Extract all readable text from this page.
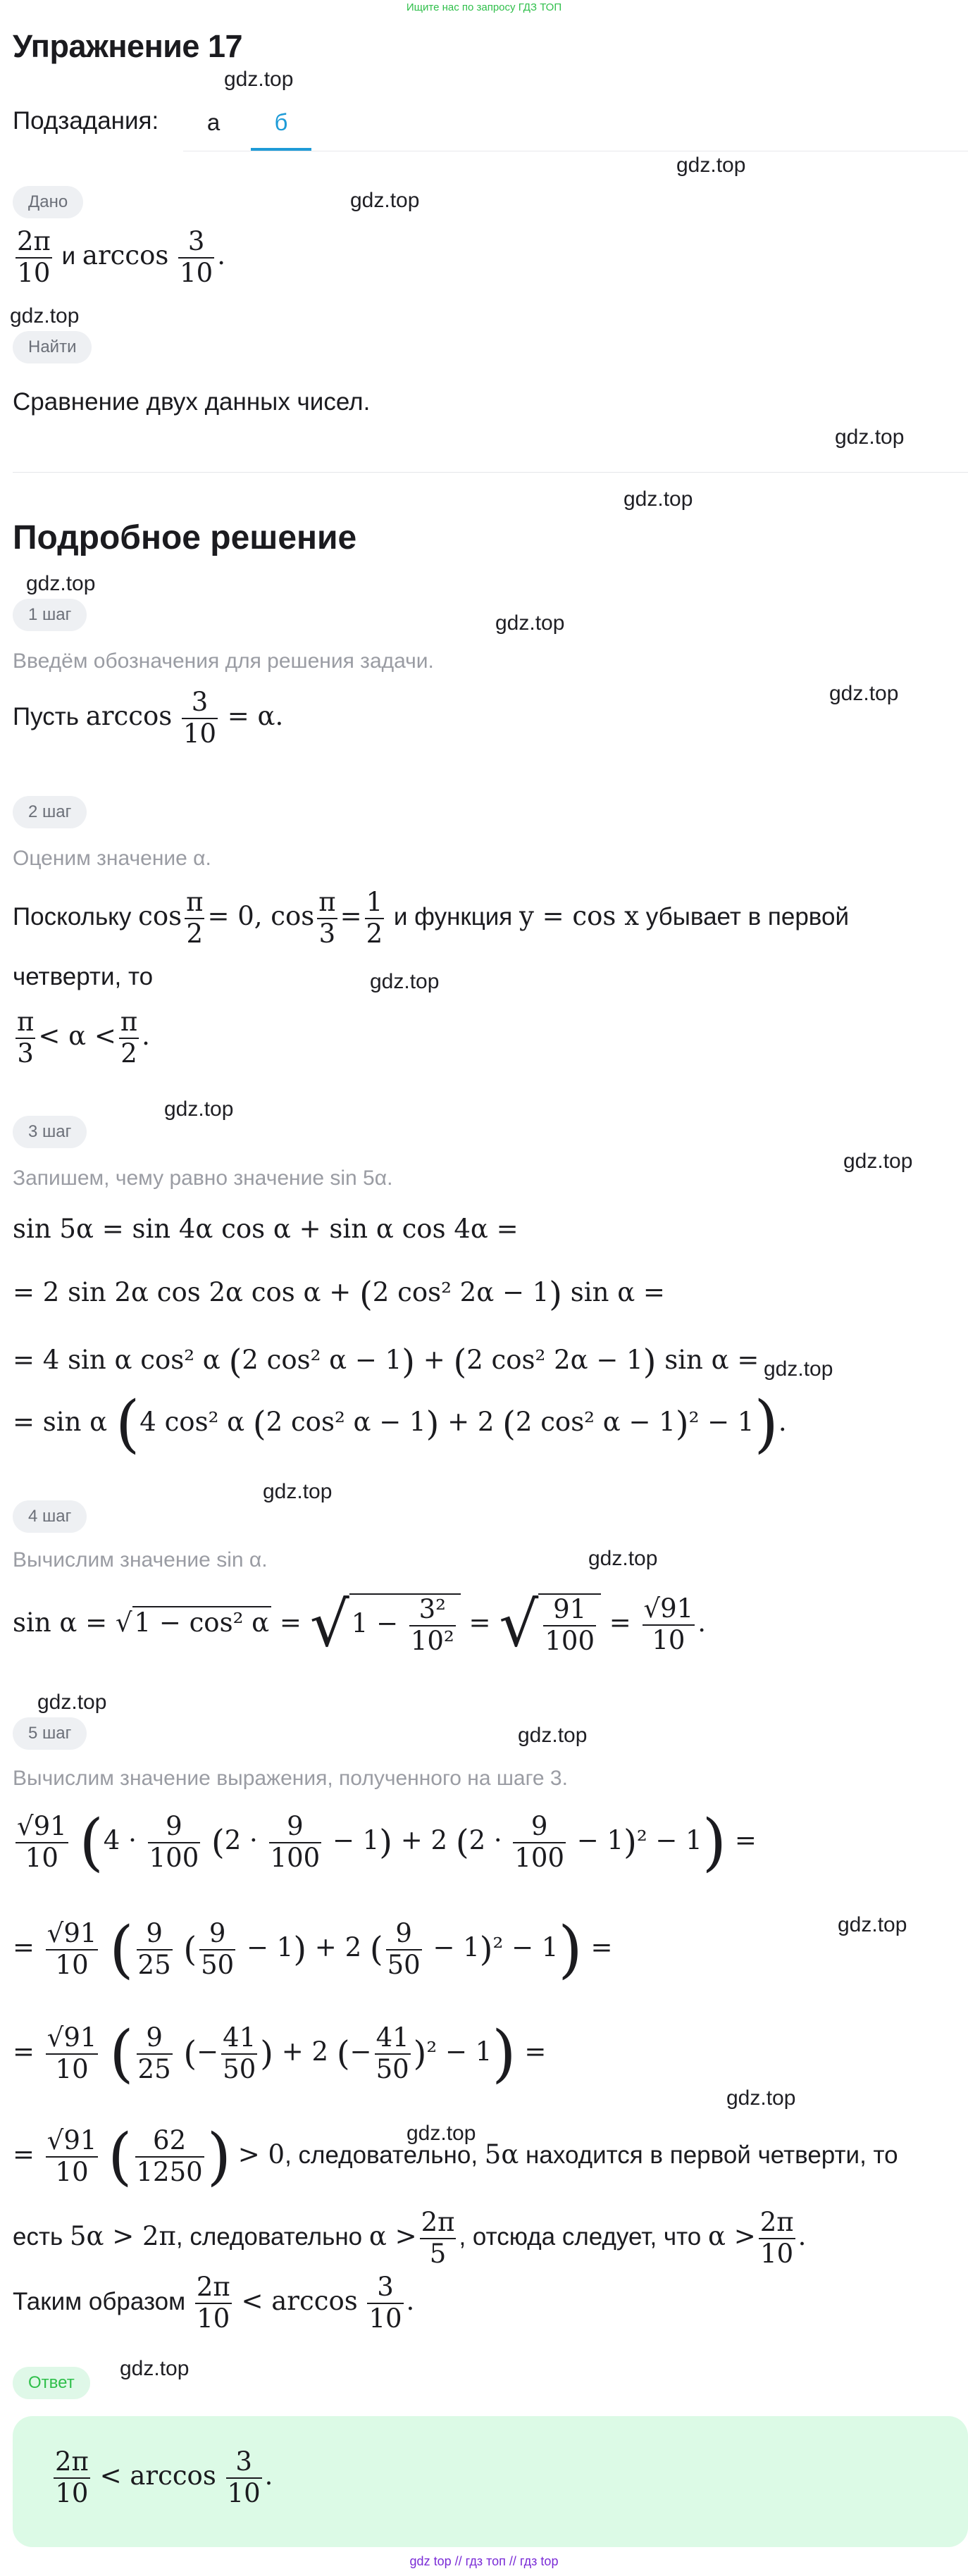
Ищите нас по запросу ГДЗ ТОП
Упражнение 17
Подзадания:	а	б
gdz.top
gdz.top
gdz.top
gdz.top
gdz.top
gdz.top
gdz.top
gdz.top
gdz.top
gdz.top
gdz.top
gdz.top
gdz.top
gdz.top
gdz.top
gdz.top
gdz.top
gdz.top
gdz.top
gdz.top
gdz.top
Дано
$\frac{2\pi}{10}$ и $\arccos \frac{3}{10}$ .
Найти
Сравнение двух данных чисел.
Подробное решение
1 шаг
Введём обозначения для решения задачи.
Пусть $\arccos \frac{3}{10} = \alpha$.
2 шаг
Оценим значение α.
Поскольку $\cos \frac{\pi}{2} = 0$, $\cos \frac{\pi}{3} = \frac{1}{2}$ и функция y = cos x убывает в первой
четверти, то
$\frac{\pi}{3} < \alpha < \frac{\pi}{2}$ .
3 шаг
Запишем, чему равно значение sin 5α.
sin 5α = sin 4α cos α + sin α cos 4α =
= 2 sin 2α cos 2α cos α + (2 cos² 2α − 1) sin α =
= 4 sin α cos² α (2 cos² α − 1) + (2 cos² 2α − 1) sin α =
= sin α (4 cos² α (2 cos² α − 1) + 2 (2 cos² α − 1)² − 1).
4 шаг
Вычислим значение sin α.
sin α = √1 − cos² $\alpha = √1 - \frac{\text{3²}}{\text{10²}}$ = √ $\frac{91}{100} = \frac{√91}{10}$ .
5 шаг
Вычислим значение выражения, полученного на шаге 3.
$\frac{√91}{10} (4 \cdot \frac{9}{100} (2 \cdot \frac{9}{100} - 1) + 2$ $(2 \cdot \frac{9}{100} - 1)^2 - 1$) =
= $\frac{√91}{10}$ ( $\frac{9}{25}$ ( $\frac{9}{50} - 1) + 2$ ( $\frac{9}{50} - 1)^2 - 1$) =
= $\frac{√91}{10}$ ( $\frac{9}{25}$ (− $\frac{41}{50}$ ) + 2 (− $\frac{41}{50} )^2 - 1$) =
= $\frac{√91}{10}$ ( $\frac{62}{1250}$ ) > 0, следовательно, 5α находится в первой четверти, то
есть 5α > 2π, следовательно $\alpha > \frac{2\pi}{5}$ , отсюда следует, что $\alpha > \frac{2\pi}{10}$ .
Таким образом $\frac{2\pi}{10} < \arccos \frac{3}{10}$ .
Ответ
$\frac{2\pi}{10} < \arccos \frac{3}{10}$ .
gdz top // гдз топ // гдз top
